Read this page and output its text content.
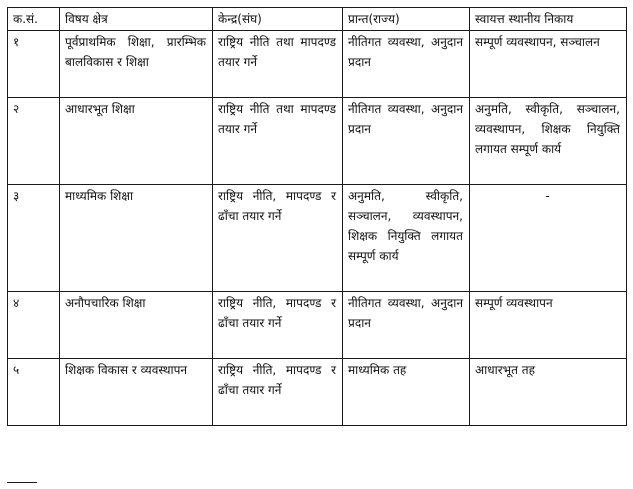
क.सं.	विषय क्षेत्र	केन्द्र(संघ)	प्रान्त(राज्य)	स्वायत्त स्थानीय निकाय
१	पूर्वप्राथमिक शिक्षा, प्रारम्भिक बालविकास र शिक्षा	राष्ट्रिय नीति तथा मापदण्ड तयार गर्ने	नीतिगत व्यवस्था, अनुदान प्रदान	सम्पूर्ण व्यवस्थापन, सञ्चालन
२	आधारभूत शिक्षा	राष्ट्रिय नीति तथा मापदण्ड तयार गर्ने	नीतिगत व्यवस्था, अनुदान प्रदान	अनुमति, स्वीकृति, सञ्चालन, व्यवस्थापन, शिक्षक नियुक्ति लगायत सम्पूर्ण कार्य
३	माध्यमिक शिक्षा	राष्ट्रिय नीति, मापदण्ड र ढाँचा तयार गर्ने	अनुमति, स्वीकृति, सञ्चालन, व्यवस्थापन, शिक्षक नियुक्ति लगायत सम्पूर्ण कार्य	-
४	अनौपचारिक शिक्षा	राष्ट्रिय नीति, मापदण्ड र ढाँचा तयार गर्ने	नीतिगत व्यवस्था, अनुदान प्रदान	सम्पूर्ण व्यवस्थापन
५	शिक्षक विकास र व्यवस्थापन	राष्ट्रिय नीति, मापदण्ड र ढाँचा तयार गर्ने	माध्यमिक तह	आधारभूत तह
